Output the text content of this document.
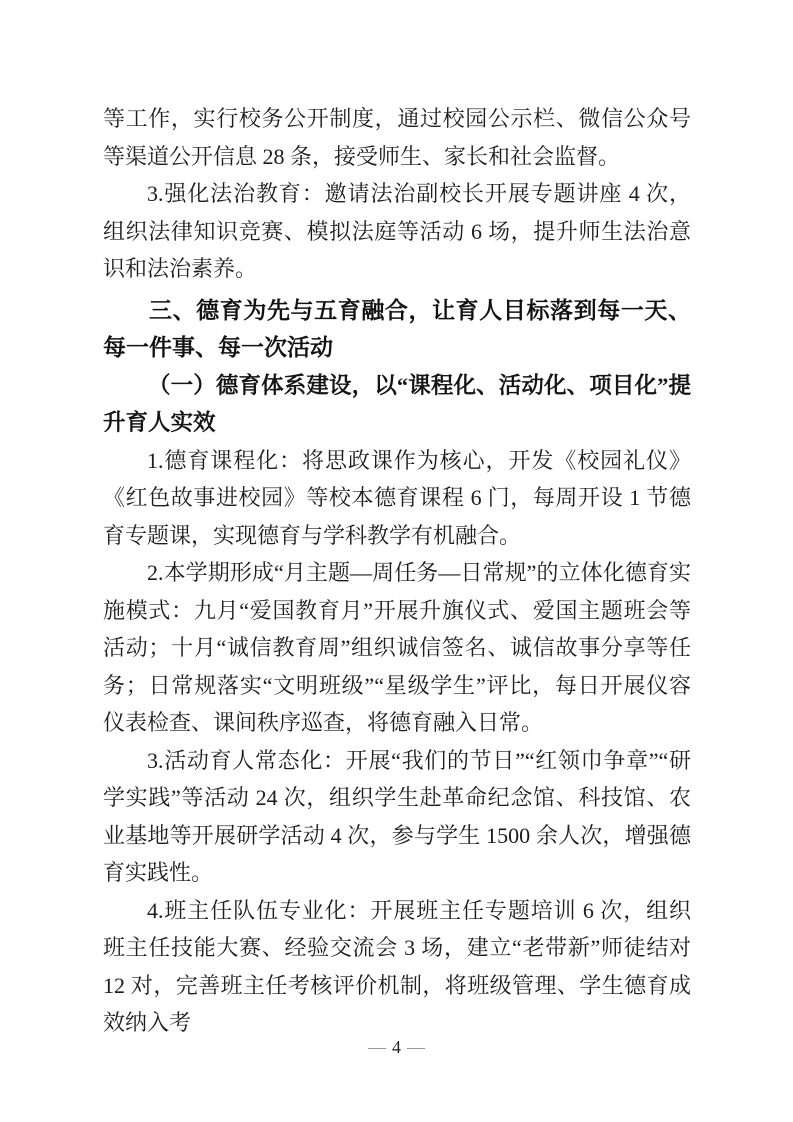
等工作，实行校务公开制度，通过校园公示栏、微信公众号等渠道公开信息 28 条，接受师生、家长和社会监督。

3.强化法治教育：邀请法治副校长开展专题讲座 4 次，组织法律知识竞赛、模拟法庭等活动 6 场，提升师生法治意识和法治素养。

三、德育为先与五育融合，让育人目标落到每一天、每一件事、每一次活动
（一）德育体系建设，以“课程化、活动化、项目化”提升育人实效

1.德育课程化：将思政课作为核心，开发《校园礼仪》《红色故事进校园》等校本德育课程 6 门，每周开设 1 节德育专题课，实现德育与学科教学有机融合。

2.本学期形成“月主题—周任务—日常规”的立体化德育实施模式：九月“爱国教育月”开展升旗仪式、爱国主题班会等活动；十月“诚信教育周”组织诚信签名、诚信故事分享等任务；日常规落实“文明班级”“星级学生”评比，每日开展仪容仪表检查、课间秩序巡查，将德育融入日常。

3.活动育人常态化：开展“我们的节日”“红领巾争章”“研学实践”等活动 24 次，组织学生赴革命纪念馆、科技馆、农业基地等开展研学活动 4 次，参与学生 1500 余人次，增强德育实践性。

4.班主任队伍专业化：开展班主任专题培训 6 次，组织班主任技能大赛、经验交流会 3 场，建立“老带新”师徒结对 12 对，完善班主任考核评价机制，将班级管理、学生德育成效纳入考

— 4 —
